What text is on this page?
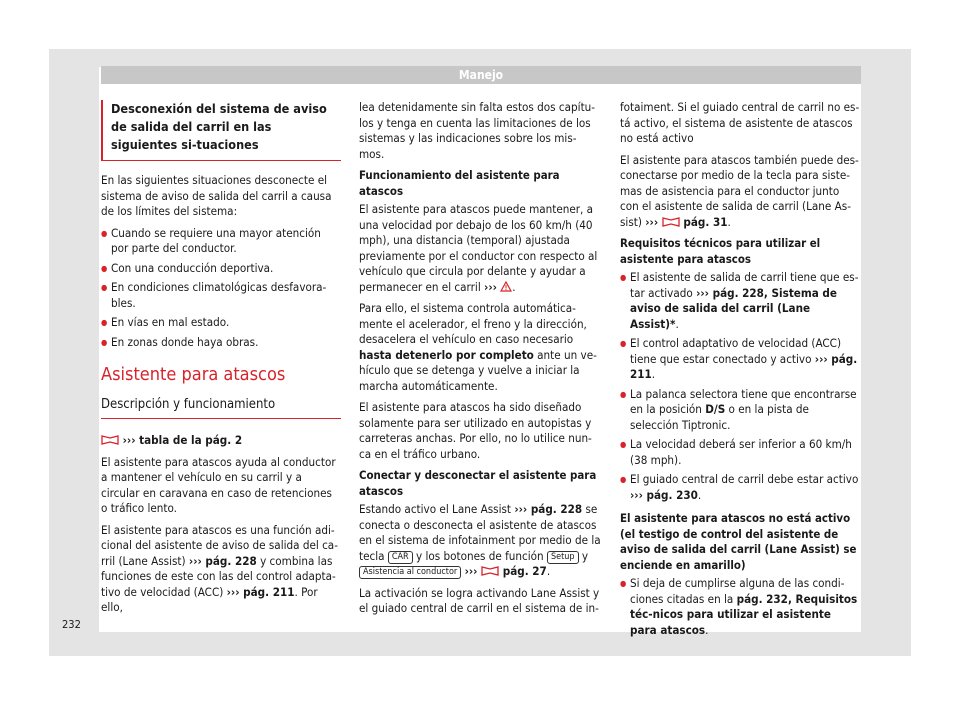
Manejo
Desconexión del sistema de aviso de salida del carril en las siguientes si-tuaciones

En las siguientes situaciones desconecte el sistema de aviso de salida del carril a causa de los límites del sistema:

● Cuando se requiere una mayor atención por parte del conductor.
● Con una conducción deportiva.
● En condiciones climatológicas desfavora-bles.
● En vías en mal estado.
● En zonas donde haya obras.
Asistente para atascos
Descripción y funcionamiento

››› tabla de la pág. 2

El asistente para atascos ayuda al conductor a mantener el vehículo en su carril y a circular en caravana en caso de retenciones o tráfico lento.

El asistente para atascos es una función adi-cional del asistente de aviso de salida del ca-rril (Lane Assist) ››› pág. 228 y combina las funciones de este con las del control adapta-tivo de velocidad (ACC) ››› pág. 211. Por ello,

lea detenidamente sin falta estos dos capítu-los y tenga en cuenta las limitaciones de los sistemas y las indicaciones sobre los mis-mos.

Funcionamiento del asistente para atascos

El asistente para atascos puede mantener, a una velocidad por debajo de los 60 km/h (40 mph), una distancia (temporal) ajustada previamente por el conductor con respecto al vehículo que circula por delante y ayudar a permanecer en el carril ››› .

Para ello, el sistema controla automática-mente el acelerador, el freno y la dirección, desacelera el vehículo en caso necesario hasta detenerlo por completo ante un ve-hículo que se detenga y vuelve a iniciar la marcha automáticamente.

El asistente para atascos ha sido diseñado solamente para ser utilizado en autopistas y carreteras anchas. Por ello, no lo utilice nun-ca en el tráfico urbano.

Conectar y desconectar el asistente para atascos

Estando activo el Lane Assist ››› pág. 228 se conecta o desconecta el asistente de atascos en el sistema de infotainment por medio de la tecla CAR y los botones de función Setup y Asistencia al conductor ›››  pág. 27.

La activación se logra activando Lane Assist y el guiado central de carril en el sistema de in-

fotaiment. Si el guiado central de carril no es-tá activo, el sistema de asistente de atascos no está activo

El asistente para atascos también puede des-conectarse por medio de la tecla para siste-mas de asistencia para el conductor junto con el asistente de salida de carril (Lane As-sist) ›››  pág. 31.

Requisitos técnicos para utilizar el asistente para atascos
● El asistente de salida de carril tiene que es-tar activado ››› pág. 228, Sistema de aviso de salida del carril (Lane Assist)*.
● El control adaptativo de velocidad (ACC) tiene que estar conectado y activo ››› pág. 211.
● La palanca selectora tiene que encontrarse en la posición D/S o en la pista de selección Tiptronic.
● La velocidad deberá ser inferior a 60 km/h (38 mph).
● El guiado central de carril debe estar activo ››› pág. 230.
El asistente para atascos no está activo (el testigo de control del asistente de aviso de salida del carril (Lane Assist) se enciende en amarillo)
● Si deja de cumplirse alguna de las condi-ciones citadas en la pág. 232, Requisitos téc-nicos para utilizar el asistente para atascos.
232
